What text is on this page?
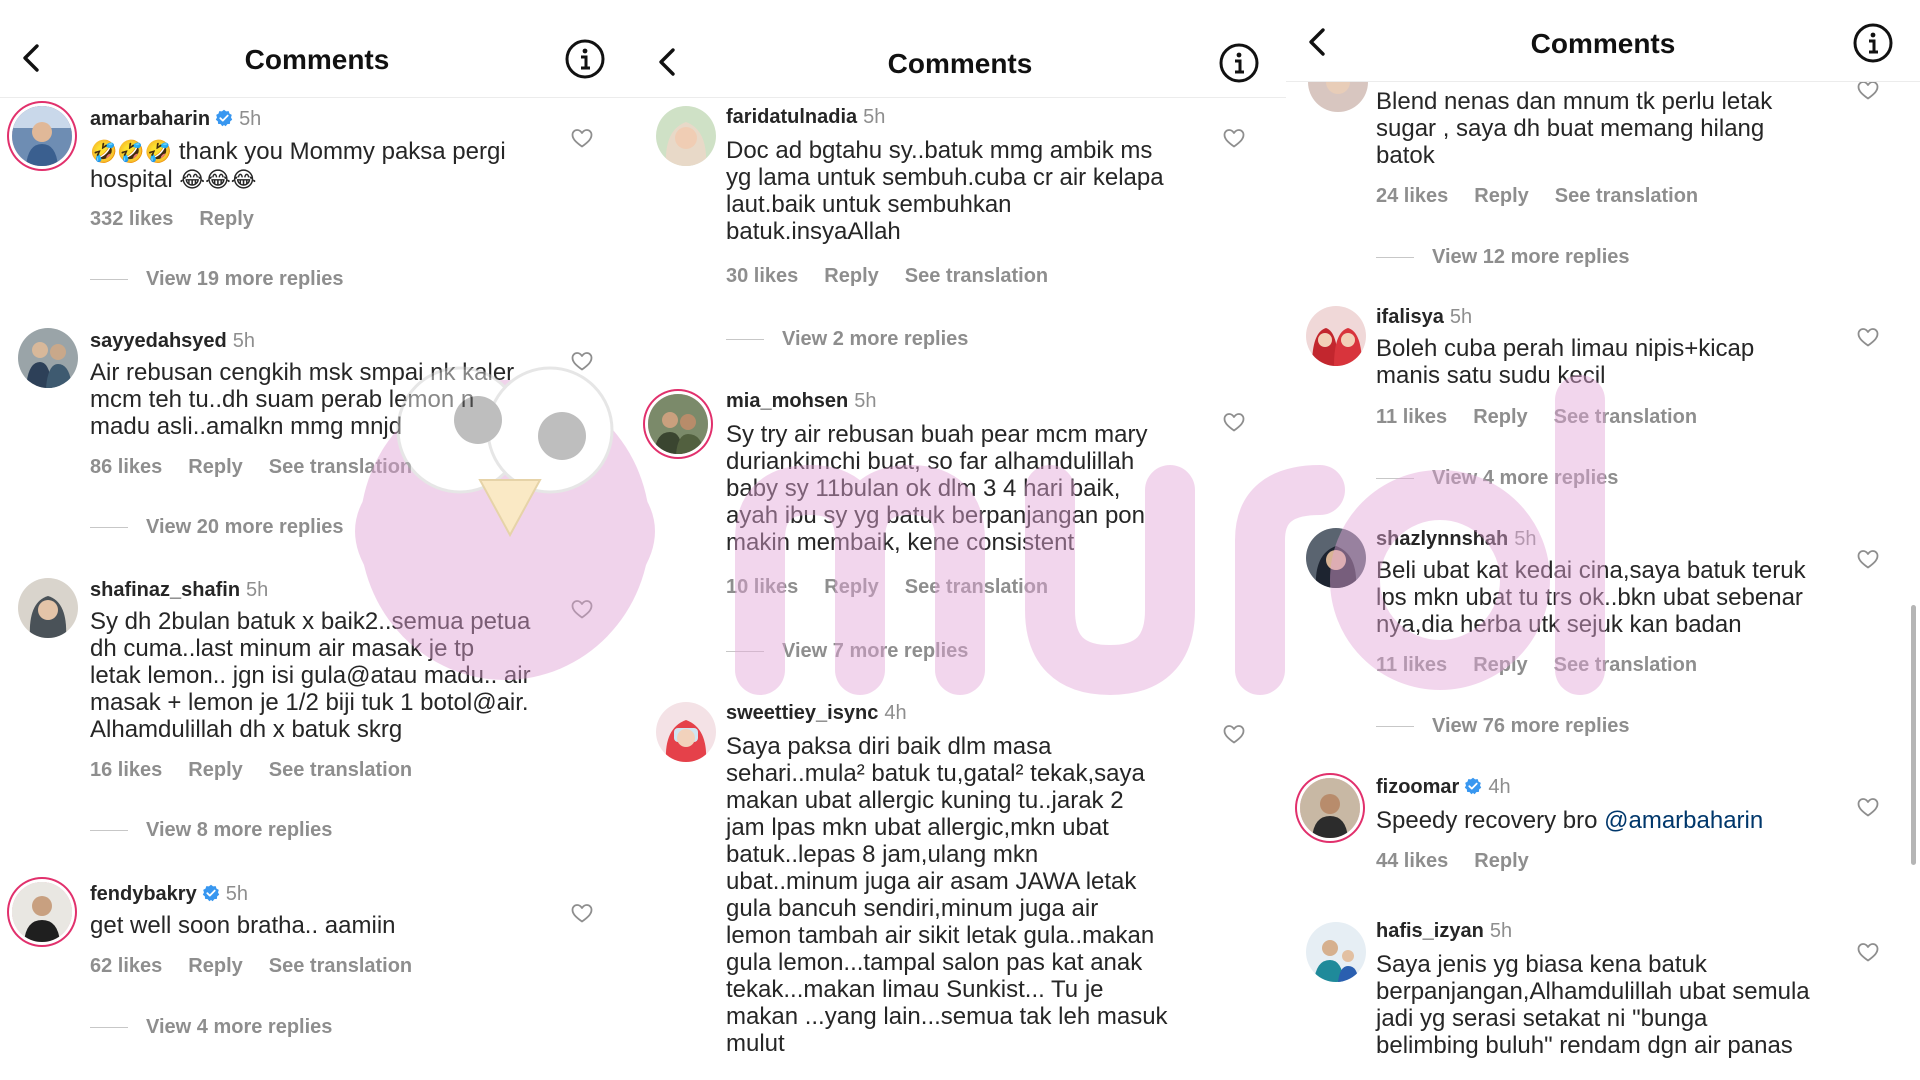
Comments
amarbaharin 5h
🤣🤣🤣 thank you Mommy paksa pergi
hospital 😂😂😂
332 likes Reply
View 19 more replies
sayyedahsyed 5h
Air rebusan cengkih msk smpai nk kaler
mcm teh tu..dh suam perab lemon n
madu asli..amalkn mmg mnjd
86 likes Reply See translation
View 20 more replies
shafinaz_shafin 5h
Sy dh 2bulan batuk x baik2..semua petua
dh cuma..last minum air masak je tp
letak lemon.. jgn isi gula@atau madu.. air
masak + lemon je 1/2 biji tuk 1 botol@air.
Alhamdulillah dh x batuk skrg
16 likes Reply See translation
View 8 more replies
fendybakry 5h
get well soon bratha.. aamiin
62 likes Reply See translation
View 4 more replies
Comments
faridatulnadia 5h
Doc ad bgtahu sy..batuk mmg ambik ms
yg lama untuk sembuh.cuba cr air kelapa
laut.baik untuk sembuhkan
batuk.insyaAllah
30 likes Reply See translation
View 2 more replies
mia_mohsen 5h
Sy try air rebusan buah pear mcm mary
duriankimchi buat, so far alhamdulillah
baby sy 11bulan ok dlm 3 4 hari baik,
ayah ibu sy yg batuk berpanjangan pon
makin membaik, kene consistent
10 likes Reply See translation
View 7 more replies
sweettiey_isync 4h
Saya paksa diri baik dlm masa
sehari..mula² batuk tu,gatal² tekak,saya
makan ubat allergic kuning tu..jarak 2
jam lpas mkn ubat allergic,mkn ubat
batuk..lepas 8 jam,ulang mkn
ubat..minum juga air asam JAWA letak
gula bancuh sendiri,minum juga air
lemon tambah air sikit letak gula..makan
gula lemon...tampal salon pas kat anak
tekak...makan limau Sunkist... Tu je
makan ...yang lain...semua tak leh masuk
mulut
Comments
Blend nenas dan mnum tk perlu letak
sugar , saya dh buat memang hilang
batok
24 likes Reply See translation
View 12 more replies
ifalisya 5h
Boleh cuba perah limau nipis+kicap
manis satu sudu kecil
11 likes Reply See translation
View 4 more replies
shazlynnshah 5h
Beli ubat kat kedai cina,saya batuk teruk
lps mkn ubat tu trs ok..bkn ubat sebenar
nya,dia herba utk sejuk kan badan
11 likes Reply See translation
View 76 more replies
fizoomar 4h
Speedy recovery bro @amarbaharin
44 likes Reply
hafis_izyan 5h
Saya jenis yg biasa kena batuk
berpanjangan,Alhamdulillah ubat semula
jadi yg serasi setakat ni "bunga
belimbing buluh" rendam dgn air panas
